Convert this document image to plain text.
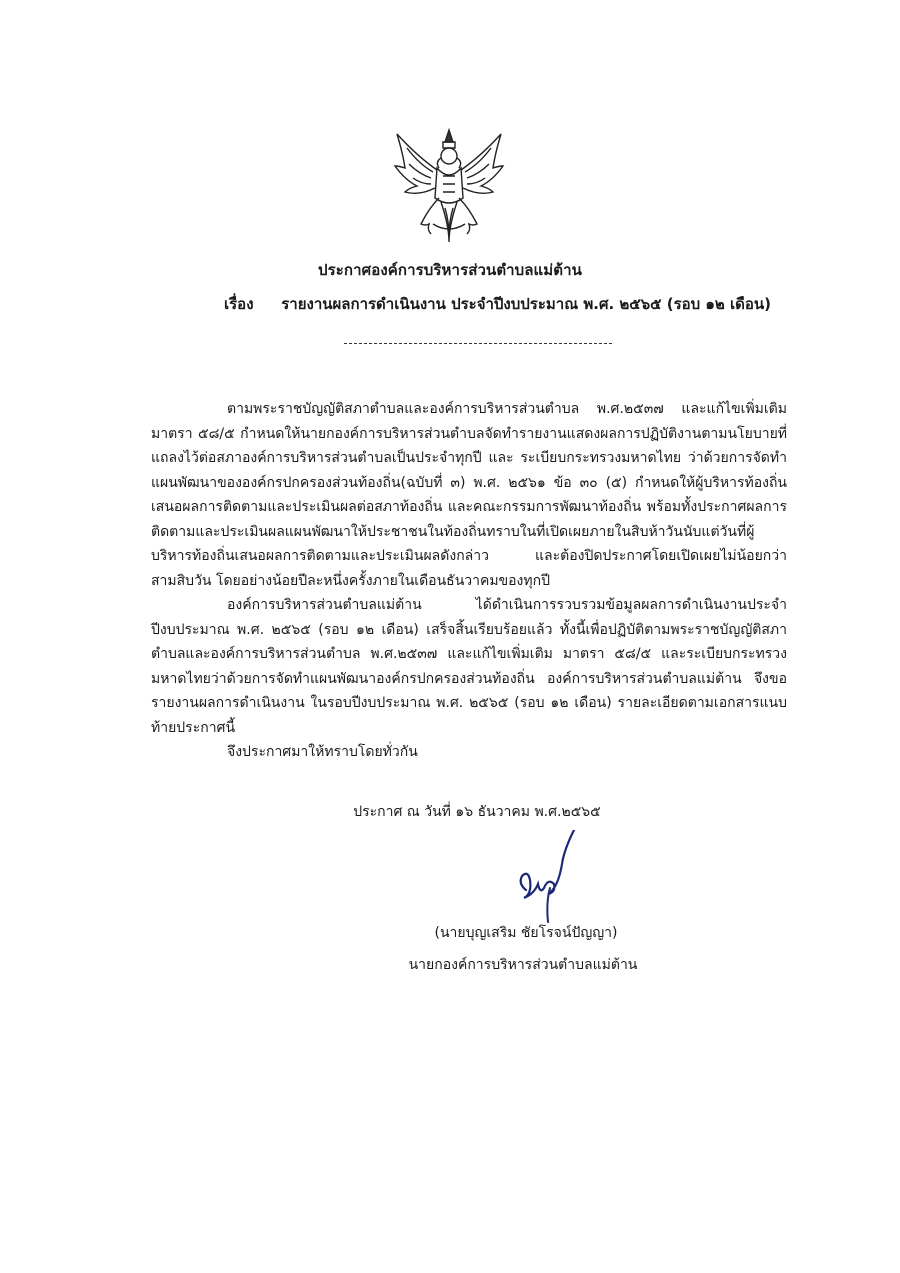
ประกาศองค์การบริหารส่วนตำบลแม่ต้าน
เรื่อง รายงานผลการดำเนินงาน ประจำปีงบประมาณ พ.ศ. ๒๕๖๕ (รอบ ๑๒ เดือน)

ตามพระราชบัญญัติสภาตำบลและองค์การบริหารส่วนตำบล พ.ศ.๒๕๓๗ และแก้ไขเพิ่มเติม มาตรา ๕๘/๕ กำหนดให้นายกองค์การบริหารส่วนตำบลจัดทำรายงานแสดงผลการปฏิบัติงานตามนโยบายที่แถลงไว้ต่อสภาองค์การบริหารส่วนตำบลเป็นประจำทุกปี และ ระเบียบกระทรวงมหาดไทย ว่าด้วยการจัดทำแผนพัฒนาขององค์กรปกครองส่วนท้องถิ่น(ฉบับที่ ๓) พ.ศ. ๒๕๖๑ ข้อ ๓๐ (๕) กำหนดให้ผู้บริหารท้องถิ่นเสนอผลการติดตามและประเมินผลต่อสภาท้องถิ่น และคณะกรรมการพัฒนาท้องถิ่น พร้อมทั้งประกาศผลการติดตามและประเมินผลแผนพัฒนาให้ประชาชนในท้องถิ่นทราบในที่เปิดเผยภายในสิบห้าวันนับแต่วันที่ผู้บริหารท้องถิ่นเสนอผลการติดตามและประเมินผลดังกล่าว และต้องปิดประกาศโดยเปิดเผยไม่น้อยกว่าสามสิบวัน โดยอย่างน้อยปีละหนึ่งครั้งภายในเดือนธันวาคมของทุกปี

องค์การบริหารส่วนตำบลแม่ต้าน ได้ดำเนินการรวบรวมข้อมูลผลการดำเนินงานประจำปีงบประมาณ พ.ศ. ๒๕๖๕ (รอบ ๑๒ เดือน) เสร็จสิ้นเรียบร้อยแล้ว ทั้งนี้เพื่อปฏิบัติตามพระราชบัญญัติสภาตำบลและองค์การบริหารส่วนตำบล พ.ศ.๒๕๓๗ และแก้ไขเพิ่มเติม มาตรา ๕๘/๕ และระเบียบกระทรวงมหาดไทยว่าด้วยการจัดทำแผนพัฒนาองค์กรปกครองส่วนท้องถิ่น องค์การบริหารส่วนตำบลแม่ต้าน จึงขอรายงานผลการดำเนินงาน ในรอบปีงบประมาณ พ.ศ. ๒๕๖๕ (รอบ ๑๒ เดือน) รายละเอียดตามเอกสารแนบท้ายประกาศนี้

จึงประกาศมาให้ทราบโดยทั่วกัน

ประกาศ ณ วันที่ ๑๖ ธันวาคม พ.ศ.๒๕๖๕
(นายบุญเสริม ชัยโรจน์ปัญญา)
นายกองค์การบริหารส่วนตำบลแม่ต้าน
